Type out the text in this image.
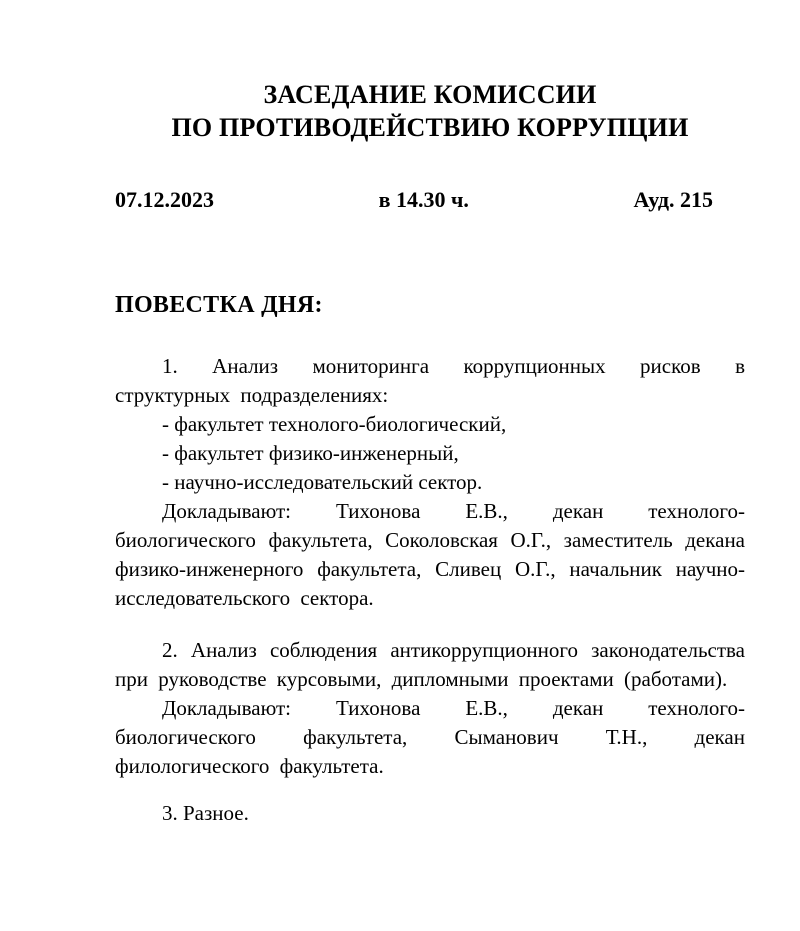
ЗАСЕДАНИЕ КОМИССИИ
ПО ПРОТИВОДЕЙСТВИЮ КОРРУПЦИИ
07.12.2023	в 14.30 ч.	Ауд. 215
ПОВЕСТКА ДНЯ:

1. Анализ мониторинга коррупционных рисков в структурных подразделениях:

- факультет технолого-биологический,

- факультет физико-инженерный,

- научно-исследовательский сектор.

Докладывают: Тихонова Е.В., декан технолого-биологического факультета, Соколовская О.Г., заместитель декана физико-инженерного факультета, Сливец О.Г., начальник научно-исследовательского сектора.

2. Анализ соблюдения антикоррупционного законодательства при руководстве курсовыми, дипломными проектами (работами).

Докладывают: Тихонова Е.В., декан технолого-биологического факультета, Сыманович Т.Н., декан филологического факультета.

3. Разное.
